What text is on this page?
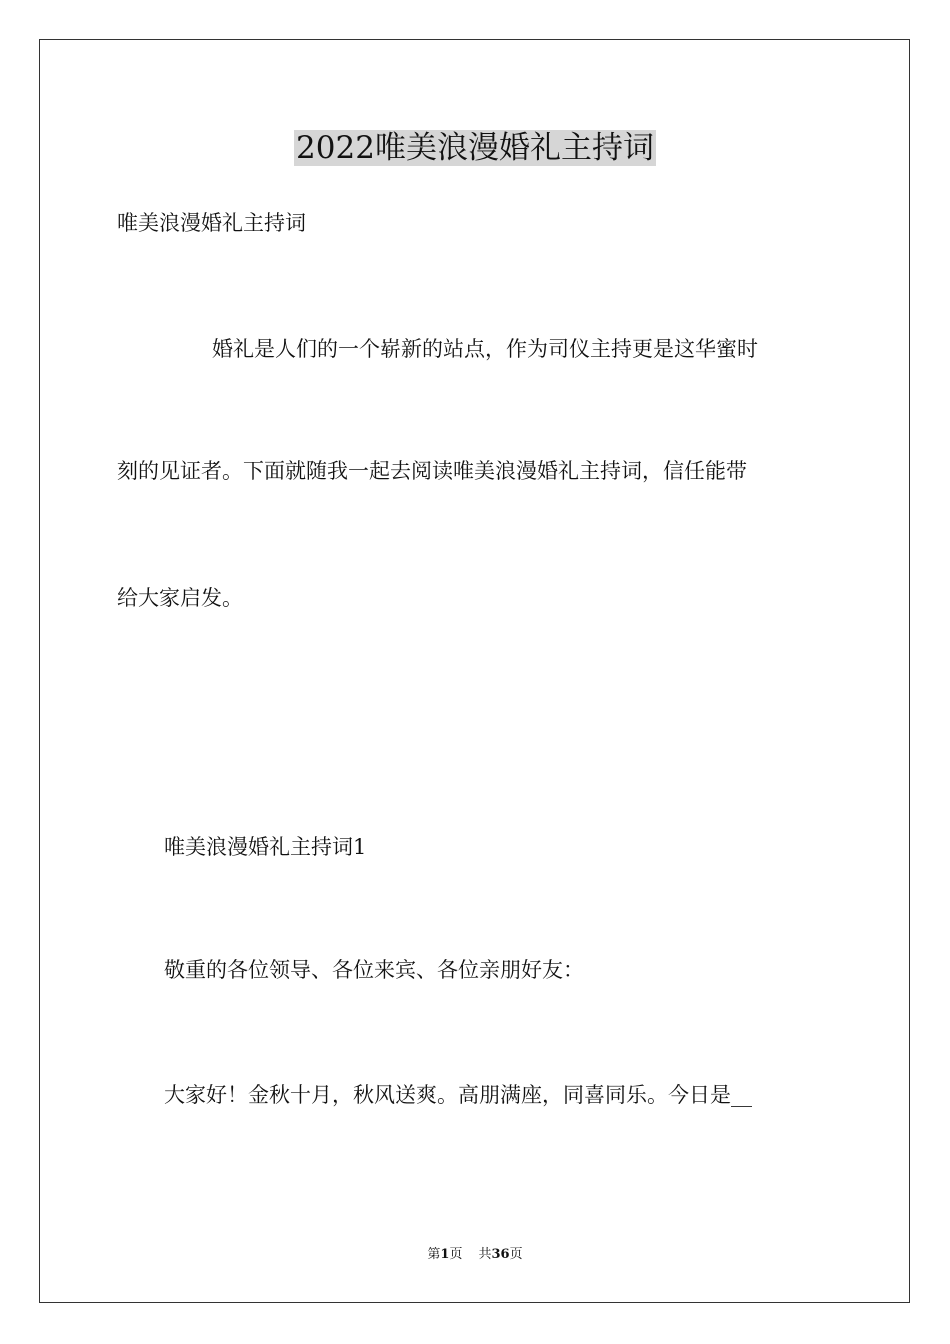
2022唯美浪漫婚礼主持词

唯美浪漫婚礼主持词

婚礼是人们的一个崭新的站点，作为司仪主持更是这华蜜时

刻的见证者。下面就随我一起去阅读唯美浪漫婚礼主持词，信任能带

给大家启发。

唯美浪漫婚礼主持词1

敬重的各位领导、各位来宾、各位亲朋好友：

大家好！金秋十月，秋风送爽。高朋满座，同喜同乐。今日是__

第1页 共36页
